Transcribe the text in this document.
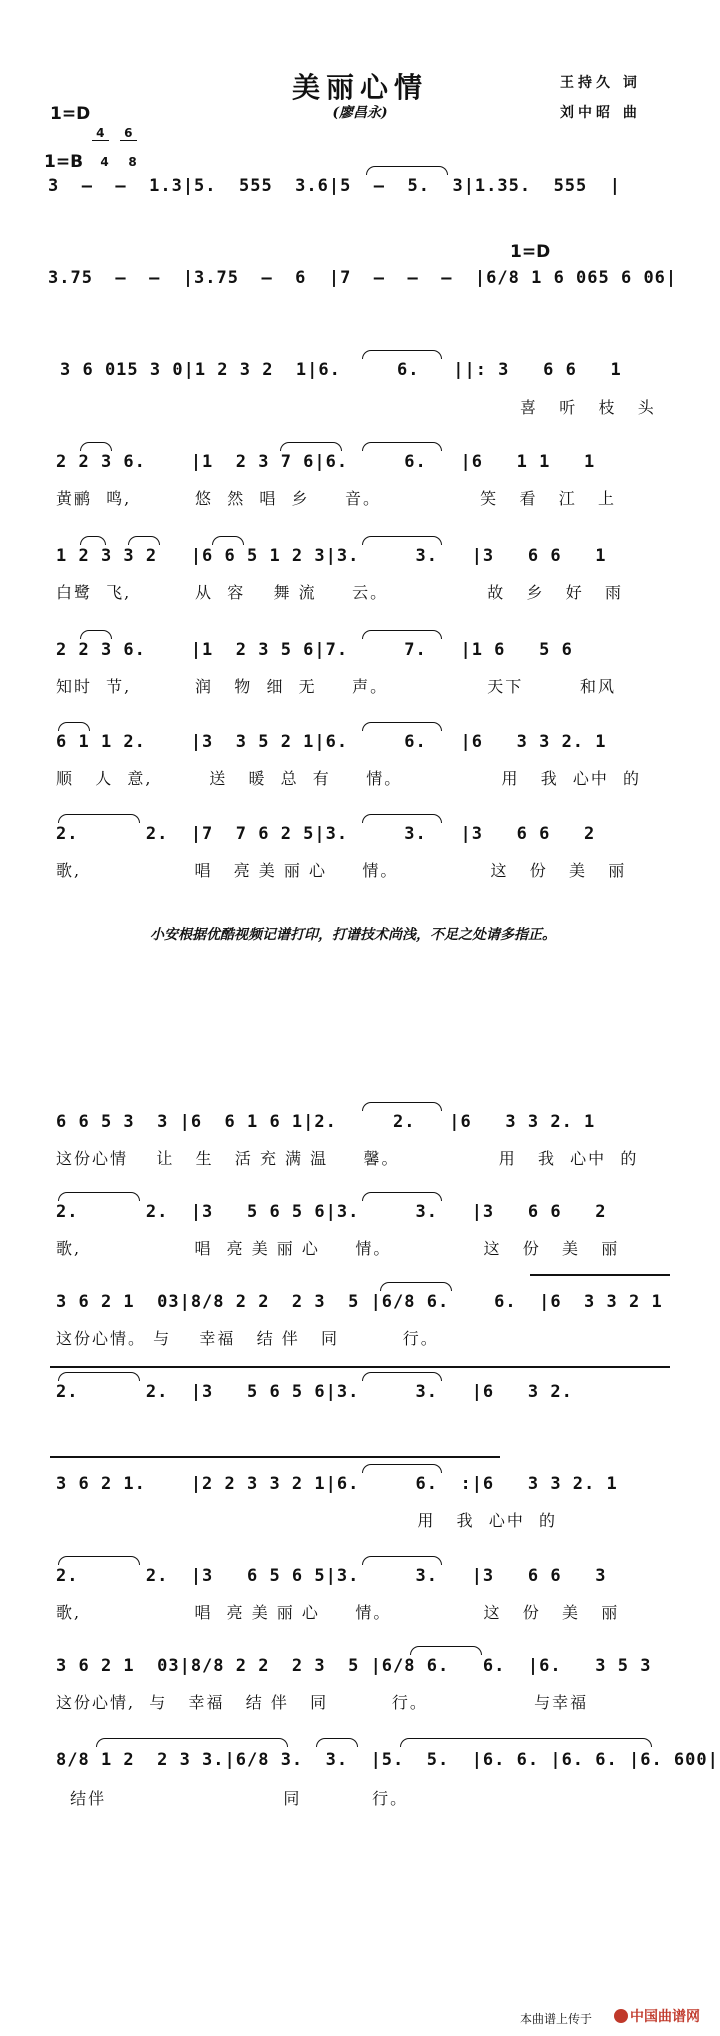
美丽心情
(廖昌永)
王持久 词
刘中昭 曲
1=D

4

4

6

8

1=B
3  –  –  1.3|5.  555  3.6|5  –  5.  3|1.35.  555  |
1=D
3.75  –  –  |3.75  –  6  |7  –  –  –  |6/8 1 6 065 6 06|
3 6 015 3 0|1 2 3 2  1|6.     6.   ||: 3   6 6   1
喜   听   枝   头
2 2 3 6.    |1  2 3 7 6|6.     6.   |6   1 1   1
黄鹂  鸣,         悠  然  唱  乡     音。              笑   看   江   上
1 2 3 3 2   |6 6 5 1 2 3|3.     3.   |3   6 6   1
白鹭  飞,         从  容    舞 流     云。              故   乡   好   雨
2 2 3 6.    |1  2 3 5 6|7.     7.   |1 6   5 6
知时  节,         润   物  细  无     声。              天下        和风
6 1 1 2.    |3  3 5 2 1|6.     6.   |6   3 3 2. 1
顺   人  意,        送   暖  总  有     情。              用   我  心中  的
2.      2.  |7  7 6 2 5|3.     3.   |3   6 6   2
歌,                唱   亮 美 丽 心     情。             这   份   美   丽
小安根据优酷视频记谱打印，打谱技术尚浅，不足之处请多指正。
6 6 5 3  3 |6  6 1 6 1|2.     2.   |6   3 3 2. 1
这份心情    让   生   活 充 满 温     馨。              用   我  心中  的
2.      2.  |3   5 6 5 6|3.     3.   |3   6 6   2
歌,                唱  亮 美 丽 心     情。             这   份   美   丽
3 6 2 1  03|8/8 2 2  2 3  5 |6/8 6.    6.  |6  3 3 2 1
这份心情。 与    幸福   结 伴   同         行。
2.      2.  |3   5 6 5 6|3.     3.   |6   3 2.
3 6 2 1.    |2 2 3 3 2 1|6.     6.  :|6   3 3 2. 1
用   我  心中  的
2.      2.  |3   6 5 6 5|3.     3.   |3   6 6   3
歌,                唱  亮 美 丽 心     情。             这   份   美   丽
3 6 2 1  03|8/8 2 2  2 3  5 |6/8 6.   6.  |6.   3 5 3
这份心情,  与   幸福   结 伴   同         行。               与幸福
8/8 1 2  2 3 3.|6/8 3.  3.  |5.  5.  |6. 6. |6. 6. |6. 600|
结伴                         同          行。
本曲谱上传于	中国曲谱网
